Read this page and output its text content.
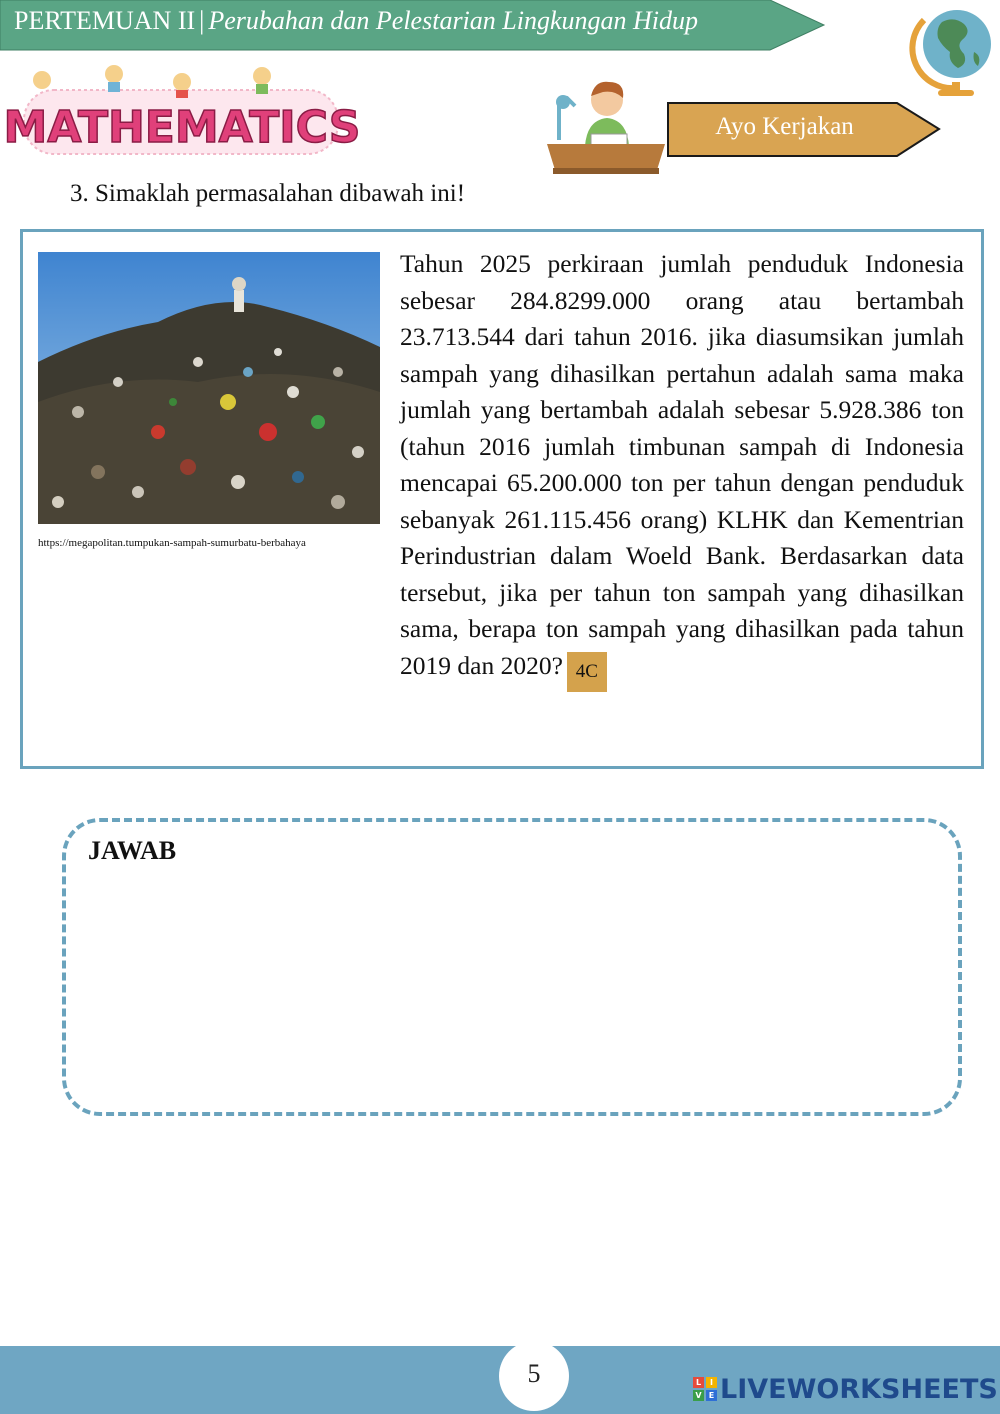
PERTEMUAN II | Perubahan dan Pelestarian Lingkungan Hidup
MATHEMATICS	Ayo Kerjakan
3. Simaklah permasalahan dibawah ini!
https://megapolitan.tumpukan-sampah-sumurbatu-berbahaya

Tahun 2025 perkiraan jumlah penduduk Indonesia sebesar 284.8299.000 orang atau bertambah 23.713.544 dari tahun 2016. jika diasumsikan jumlah sampah yang dihasilkan pertahun adalah sama maka jumlah yang bertambah adalah sebesar 5.928.386 ton (tahun 2016 jumlah timbunan sampah di Indonesia mencapai 65.200.000 ton per tahun dengan penduduk sebanyak 261.115.456 orang) KLHK dan Kementrian Perindustrian dalam Woeld Bank. Berdasarkan data tersebut, jika per tahun ton sampah yang dihasilkan sama, berapa ton sampah yang dihasilkan pada tahun 2019 dan 2020? 4C

JAWAB
5	L	I
V E LIVEWORKSHEETS
